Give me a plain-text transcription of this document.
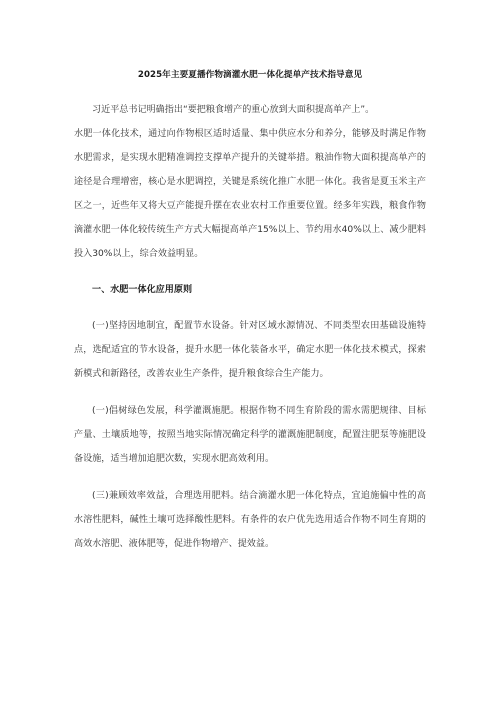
2025年主要夏播作物滴灌水肥一体化提单产技术指导意见

习近平总书记明确指出“要把粮食增产的重心放到大面积提高单产上”。

水肥一体化技术，通过向作物根区适时适量、集中供应水分和养分，能够及时满足作物水肥需求，是实现水肥精准调控支撑单产提升的关键举措。粮油作物大面积提高单产的途径是合理增密，核心是水肥调控，关键是系统化推广水肥一体化。我省是夏玉米主产区之一，近些年又将大豆产能提升摆在农业农村工作重要位置。经多年实践，粮食作物滴灌水肥一体化较传统生产方式大幅提高单产15%以上、节约用水40%以上、减少肥料投入30%以上，综合效益明显。

一、水肥一体化应用原则

(一)坚持因地制宜，配置节水设备。针对区域水源情况、不同类型农田基础设施特点，选配适宜的节水设备，提升水肥一体化装备水平，确定水肥一体化技术模式，探索新模式和新路径，改善农业生产条件，提升粮食综合生产能力。

(一)倡树绿色发展，科学灌溉施肥。根据作物不同生育阶段的需水需肥规律、目标产量、土壤质地等，按照当地实际情况确定科学的灌溉施肥制度，配置注肥泵等施肥设备设施，适当增加追肥次数，实现水肥高效利用。

(三)兼顾效率效益，合理选用肥料。结合滴灌水肥一体化特点，宜追施偏中性的高水溶性肥料，碱性土壤可选择酸性肥料。有条件的农户优先选用适合作物不同生育期的高效水溶肥、液体肥等，促进作物增产、提效益。
